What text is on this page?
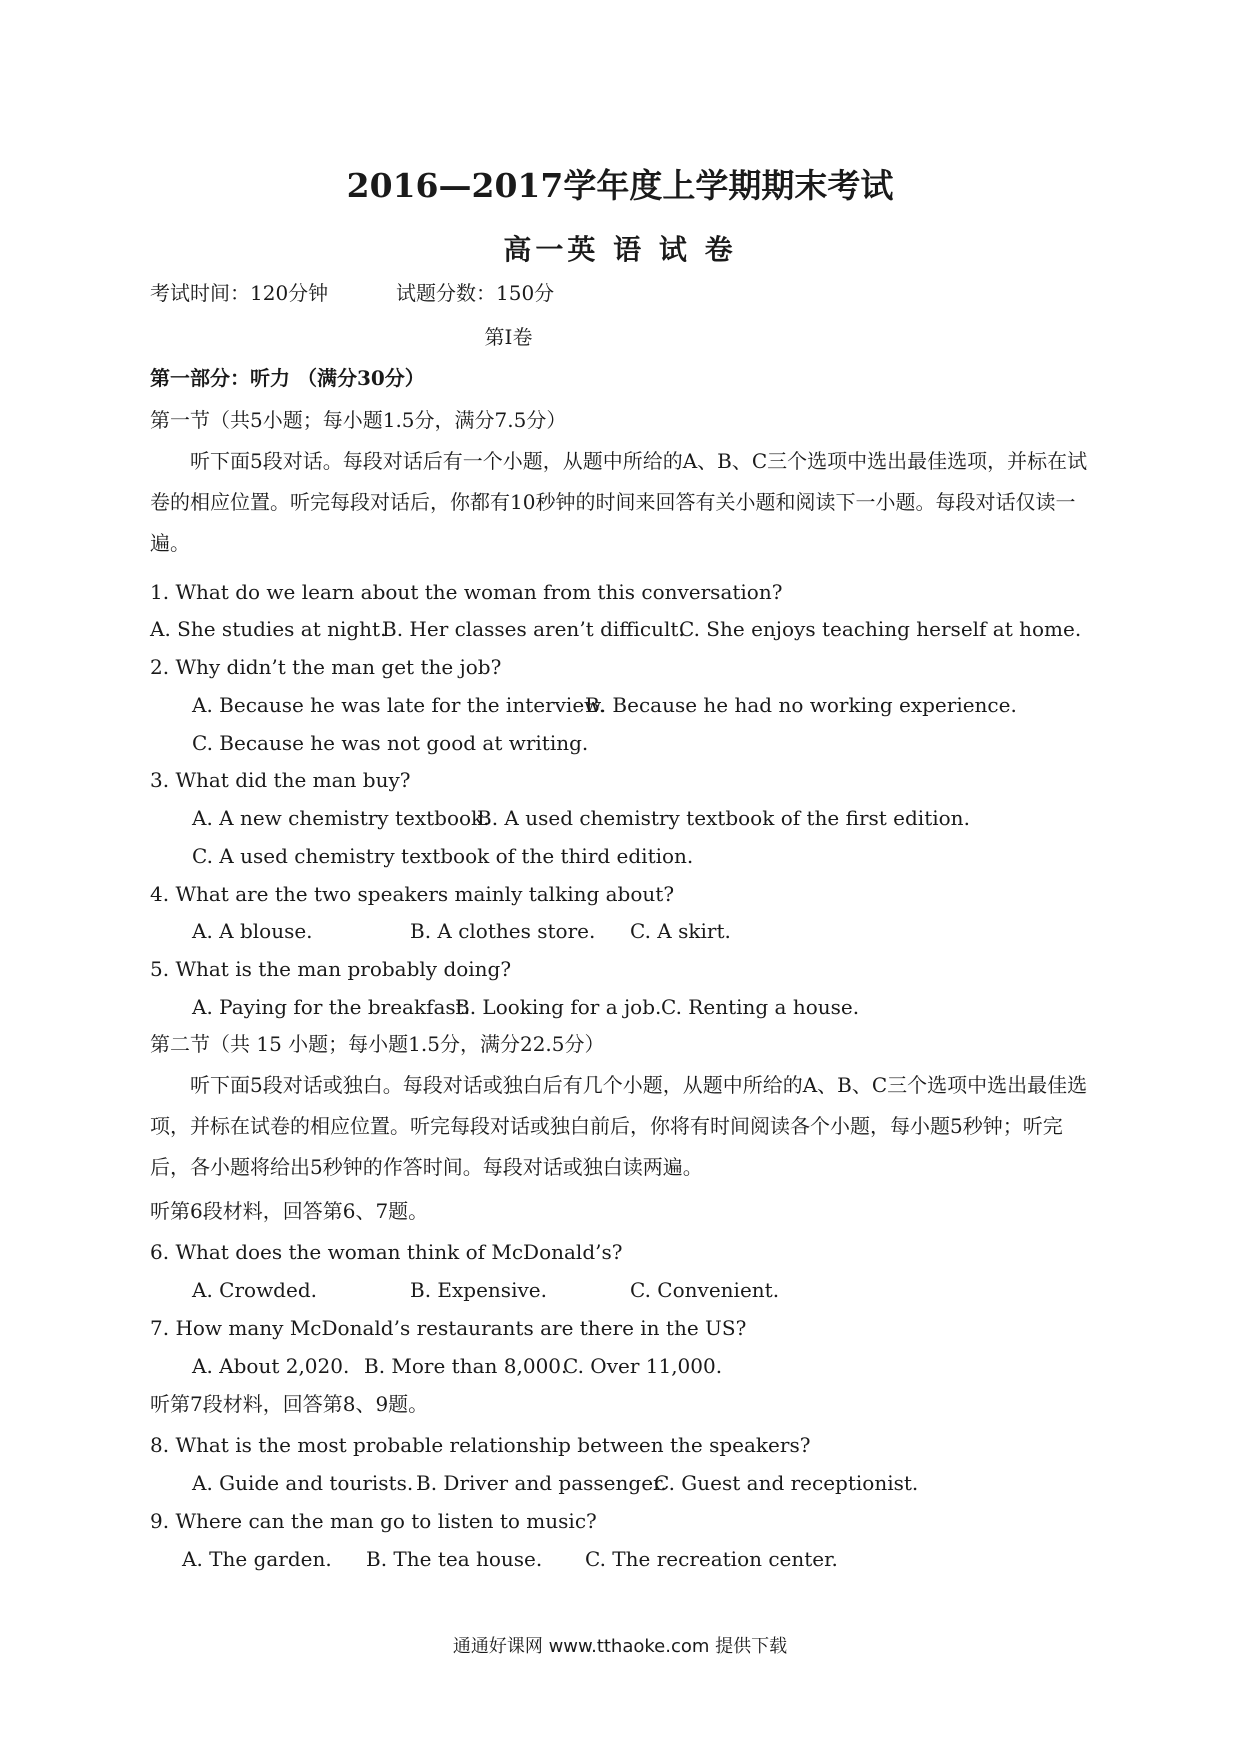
2016—2017学年度上学期期末考试
高一英 语 试 卷
考试时间：120分钟	试题分数：150分
第I卷
第一部分：听力 （满分30分）
第一节（共5小题；每小题1.5分，满分7.5分）
听下面5段对话。每段对话后有一个小题，从题中所给的A、B、C三个选项中选出最佳选项，并标在试卷的相应位置。听完每段对话后，你都有10秒钟的时间来回答有关小题和阅读下一小题。每段对话仅读一遍。
1. What do we learn about the woman from this conversation?
A. She studies at night.
B. Her classes aren’t difficult.
C. She enjoys teaching herself at home.
2. Why didn’t the man get the job?
A. Because he was late for the interview.
B. Because he had no working experience.
C. Because he was not good at writing.
3. What did the man buy?
A. A new chemistry textbook.
B. A used chemistry textbook of the first edition.
C. A used chemistry textbook of the third edition.
4. What are the two speakers mainly talking about?
A. A blouse.	B. A clothes store. C. A skirt.
5. What is the man probably doing?
A. Paying for the breakfast.
B. Looking for a job. C. Renting a house.
第二节（共 15 小题；每小题1.5分，满分22.5分）
听下面5段对话或独白。每段对话或独白后有几个小题，从题中所给的A、B、C三个选项中选出最佳选项，并标在试卷的相应位置。听完每段对话或独白前后，你将有时间阅读各个小题，每小题5秒钟；听完后，各小题将给出5秒钟的作答时间。每段对话或独白读两遍。
听第6段材料，回答第6、7题。
6. What does the woman think of McDonald’s?
A. Crowded.	B. Expensive.	C. Convenient.
7. How many McDonald’s restaurants are there in the US?
A. About 2,020. B. More than 8,000.
C. Over 11,000.
听第7段材料，回答第8、9题。
8. What is the most probable relationship between the speakers?
A. Guide and tourists. B. Driver and passenger.
C. Guest and receptionist.
9. Where can the man go to listen to music?
A. The garden. B. The tea house. C. The recreation center.
通通好课网 www.tthaoke.com 提供下载
